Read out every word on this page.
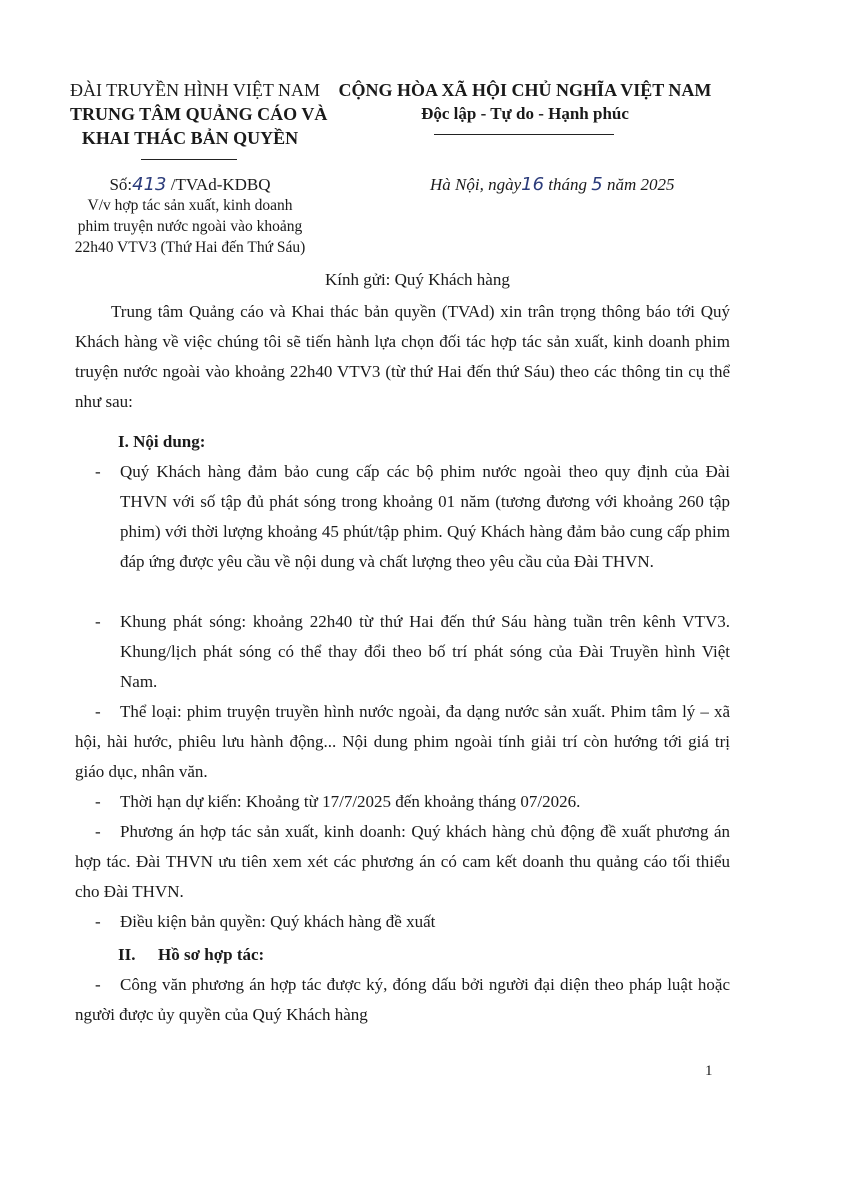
ĐÀI TRUYỀN HÌNH VIỆT NAM
TRUNG TÂM QUẢNG CÁO VÀ
KHAI THÁC BẢN QUYỀN
CỘNG HÒA XÃ HỘI CHỦ NGHĨA VIỆT NAM
Độc lập - Tự do - Hạnh phúc
Số:413 /TVAd-KDBQ	Hà Nội, ngày16 tháng 5 năm 2025
V/v hợp tác sản xuất, kinh doanh
phim truyện nước ngoài vào khoảng
22h40 VTV3 (Thứ Hai đến Thứ Sáu)
Kính gửi: Quý Khách hàng
Trung tâm Quảng cáo và Khai thác bản quyền (TVAd) xin trân trọng thông báo tới Quý Khách hàng về việc chúng tôi sẽ tiến hành lựa chọn đối tác hợp tác sản xuất, kinh doanh phim truyện nước ngoài vào khoảng 22h40 VTV3 (từ thứ Hai đến thứ Sáu) theo các thông tin cụ thể như sau:
I. Nội dung:
- Quý Khách hàng đảm bảo cung cấp các bộ phim nước ngoài theo quy định của Đài THVN với số tập đủ phát sóng trong khoảng 01 năm (tương đương với khoảng 260 tập phim) với thời lượng khoảng 45 phút/tập phim. Quý Khách hàng đảm bảo cung cấp phim đáp ứng được yêu cầu về nội dung và chất lượng theo yêu cầu của Đài THVN.
- Khung phát sóng: khoảng 22h40 từ thứ Hai đến thứ Sáu hàng tuần trên kênh VTV3. Khung/lịch phát sóng có thể thay đổi theo bố trí phát sóng của Đài Truyền hình Việt Nam.
-	Thể loại: phim truyện truyền hình nước ngoài, đa dạng nước sản xuất. Phim tâm lý – xã hội, hài hước, phiêu lưu hành động... Nội dung phim ngoài tính giải trí còn hướng tới giá trị giáo dục, nhân văn.
- Thời hạn dự kiến: Khoảng từ 17/7/2025 đến khoảng tháng 07/2026.
-	Phương án hợp tác sản xuất, kinh doanh: Quý khách hàng chủ động đề xuất phương án hợp tác. Đài THVN ưu tiên xem xét các phương án có cam kết doanh thu quảng cáo tối thiểu cho Đài THVN.
- Điều kiện bản quyền: Quý khách hàng đề xuất
II. Hồ sơ hợp tác:
-	Công văn phương án hợp tác được ký, đóng dấu bởi người đại diện theo pháp luật hoặc người được ủy quyền của Quý Khách hàng
1
